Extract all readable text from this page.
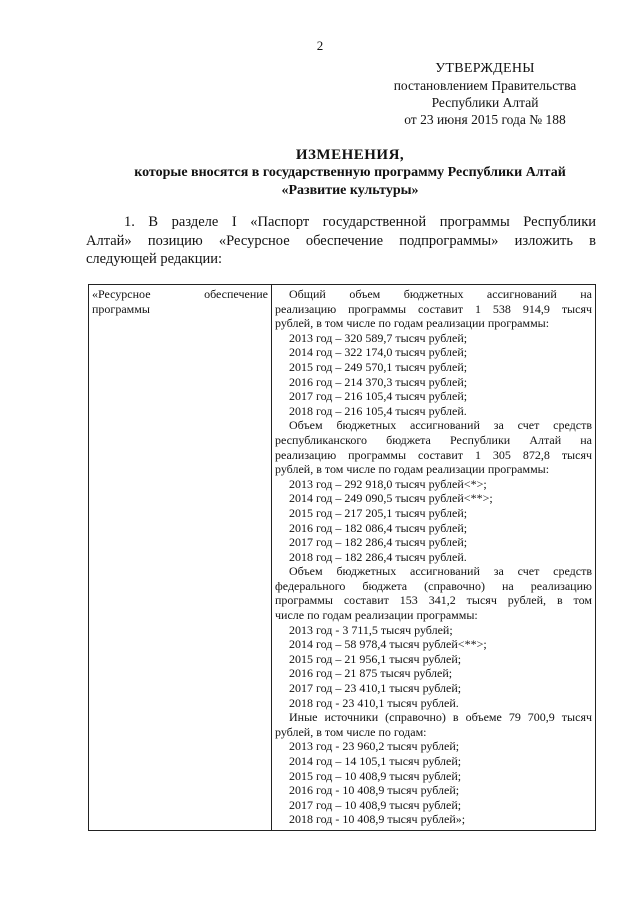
2
УТВЕРЖДЕНЫ
постановлением Правительства
Республики Алтай
от 23 июня 2015 года № 188
ИЗМЕНЕНИЯ,
которые вносятся в государственную программу Республики Алтай
«Развитие культуры»
1. В разделе I «Паспорт государственной программы Республики
Алтай» позицию «Ресурсное обеспечение подпрограммы» изложить в
следующей редакции:
«Ресурсное	обеспечение
программы

Общий объем бюджетных ассигнований на
реализацию программы составит 1 538 914,9 тысяч
рублей, в том числе по годам реализации программы:
2013 год – 320 589,7 тысяч рублей;
2014 год – 322 174,0 тысяч рублей;
2015 год – 249 570,1 тысяч рублей;
2016 год – 214 370,3 тысяч рублей;
2017 год – 216 105,4 тысяч рублей;
2018 год – 216 105,4 тысяч рублей.
Объем бюджетных ассигнований за счет средств
республиканского бюджета Республики Алтай на
реализацию программы составит 1 305 872,8 тысяч
рублей, в том числе по годам реализации программы:
2013 год – 292 918,0 тысяч рублей<*>;
2014 год – 249 090,5 тысяч рублей<**>;
2015 год – 217 205,1 тысяч рублей;
2016 год – 182 086,4 тысяч рублей;
2017 год – 182 286,4 тысяч рублей;
2018 год – 182 286,4 тысяч рублей.
Объем бюджетных ассигнований за счет средств
федерального бюджета (справочно) на реализацию
программы составит 153 341,2 тысяч рублей, в том
числе по годам реализации программы:
2013 год - 3 711,5 тысяч рублей;
2014 год – 58 978,4 тысяч рублей<**>;
2015 год – 21 956,1 тысяч рублей;
2016 год – 21 875 тысяч рублей;
2017 год – 23 410,1 тысяч рублей;
2018 год - 23 410,1 тысяч рублей.
Иные источники (справочно) в объеме 79 700,9 тысяч
рублей, в том числе по годам:
2013 год - 23 960,2 тысяч рублей;
2014 год – 14 105,1 тысяч рублей;
2015 год – 10 408,9 тысяч рублей;
2016 год - 10 408,9 тысяч рублей;
2017 год – 10 408,9 тысяч рублей;
2018 год - 10 408,9 тысяч рублей»;
